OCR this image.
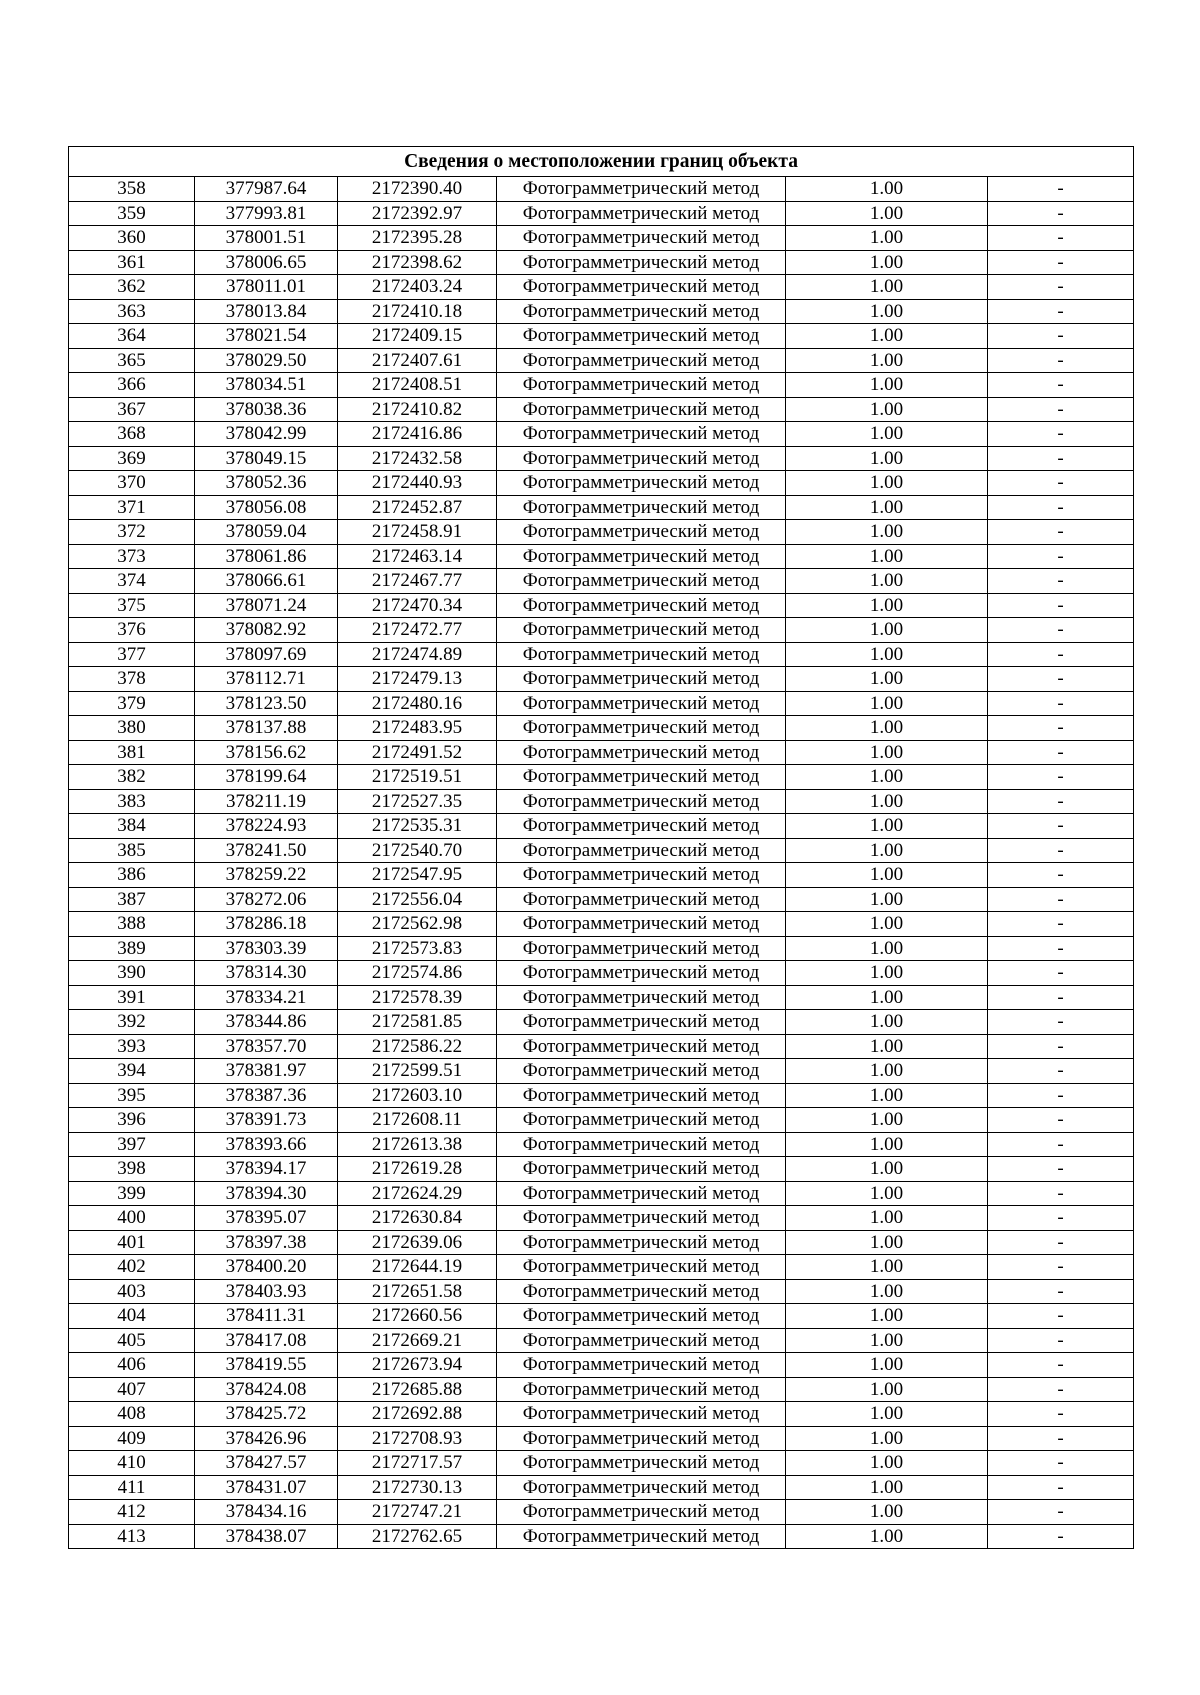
Сведения о местоположении границ объекта					
358	377987.64	2172390.40	Фотограмметрический метод	1.00	-
359	377993.81	2172392.97	Фотограмметрический метод	1.00	-
360	378001.51	2172395.28	Фотограмметрический метод	1.00	-
361	378006.65	2172398.62	Фотограмметрический метод	1.00	-
362	378011.01	2172403.24	Фотограмметрический метод	1.00	-
363	378013.84	2172410.18	Фотограмметрический метод	1.00	-
364	378021.54	2172409.15	Фотограмметрический метод	1.00	-
365	378029.50	2172407.61	Фотограмметрический метод	1.00	-
366	378034.51	2172408.51	Фотограмметрический метод	1.00	-
367	378038.36	2172410.82	Фотограмметрический метод	1.00	-
368	378042.99	2172416.86	Фотограмметрический метод	1.00	-
369	378049.15	2172432.58	Фотограмметрический метод	1.00	-
370	378052.36	2172440.93	Фотограмметрический метод	1.00	-
371	378056.08	2172452.87	Фотограмметрический метод	1.00	-
372	378059.04	2172458.91	Фотограмметрический метод	1.00	-
373	378061.86	2172463.14	Фотограмметрический метод	1.00	-
374	378066.61	2172467.77	Фотограмметрический метод	1.00	-
375	378071.24	2172470.34	Фотограмметрический метод	1.00	-
376	378082.92	2172472.77	Фотограмметрический метод	1.00	-
377	378097.69	2172474.89	Фотограмметрический метод	1.00	-
378	378112.71	2172479.13	Фотограмметрический метод	1.00	-
379	378123.50	2172480.16	Фотограмметрический метод	1.00	-
380	378137.88	2172483.95	Фотограмметрический метод	1.00	-
381	378156.62	2172491.52	Фотограмметрический метод	1.00	-
382	378199.64	2172519.51	Фотограмметрический метод	1.00	-
383	378211.19	2172527.35	Фотограмметрический метод	1.00	-
384	378224.93	2172535.31	Фотограмметрический метод	1.00	-
385	378241.50	2172540.70	Фотограмметрический метод	1.00	-
386	378259.22	2172547.95	Фотограмметрический метод	1.00	-
387	378272.06	2172556.04	Фотограмметрический метод	1.00	-
388	378286.18	2172562.98	Фотограмметрический метод	1.00	-
389	378303.39	2172573.83	Фотограмметрический метод	1.00	-
390	378314.30	2172574.86	Фотограмметрический метод	1.00	-
391	378334.21	2172578.39	Фотограмметрический метод	1.00	-
392	378344.86	2172581.85	Фотограмметрический метод	1.00	-
393	378357.70	2172586.22	Фотограмметрический метод	1.00	-
394	378381.97	2172599.51	Фотограмметрический метод	1.00	-
395	378387.36	2172603.10	Фотограмметрический метод	1.00	-
396	378391.73	2172608.11	Фотограмметрический метод	1.00	-
397	378393.66	2172613.38	Фотограмметрический метод	1.00	-
398	378394.17	2172619.28	Фотограмметрический метод	1.00	-
399	378394.30	2172624.29	Фотограмметрический метод	1.00	-
400	378395.07	2172630.84	Фотограмметрический метод	1.00	-
401	378397.38	2172639.06	Фотограмметрический метод	1.00	-
402	378400.20	2172644.19	Фотограмметрический метод	1.00	-
403	378403.93	2172651.58	Фотограмметрический метод	1.00	-
404	378411.31	2172660.56	Фотограмметрический метод	1.00	-
405	378417.08	2172669.21	Фотограмметрический метод	1.00	-
406	378419.55	2172673.94	Фотограмметрический метод	1.00	-
407	378424.08	2172685.88	Фотограмметрический метод	1.00	-
408	378425.72	2172692.88	Фотограмметрический метод	1.00	-
409	378426.96	2172708.93	Фотограмметрический метод	1.00	-
410	378427.57	2172717.57	Фотограмметрический метод	1.00	-
411	378431.07	2172730.13	Фотограмметрический метод	1.00	-
412	378434.16	2172747.21	Фотограмметрический метод	1.00	-
413	378438.07	2172762.65	Фотограмметрический метод	1.00	-
